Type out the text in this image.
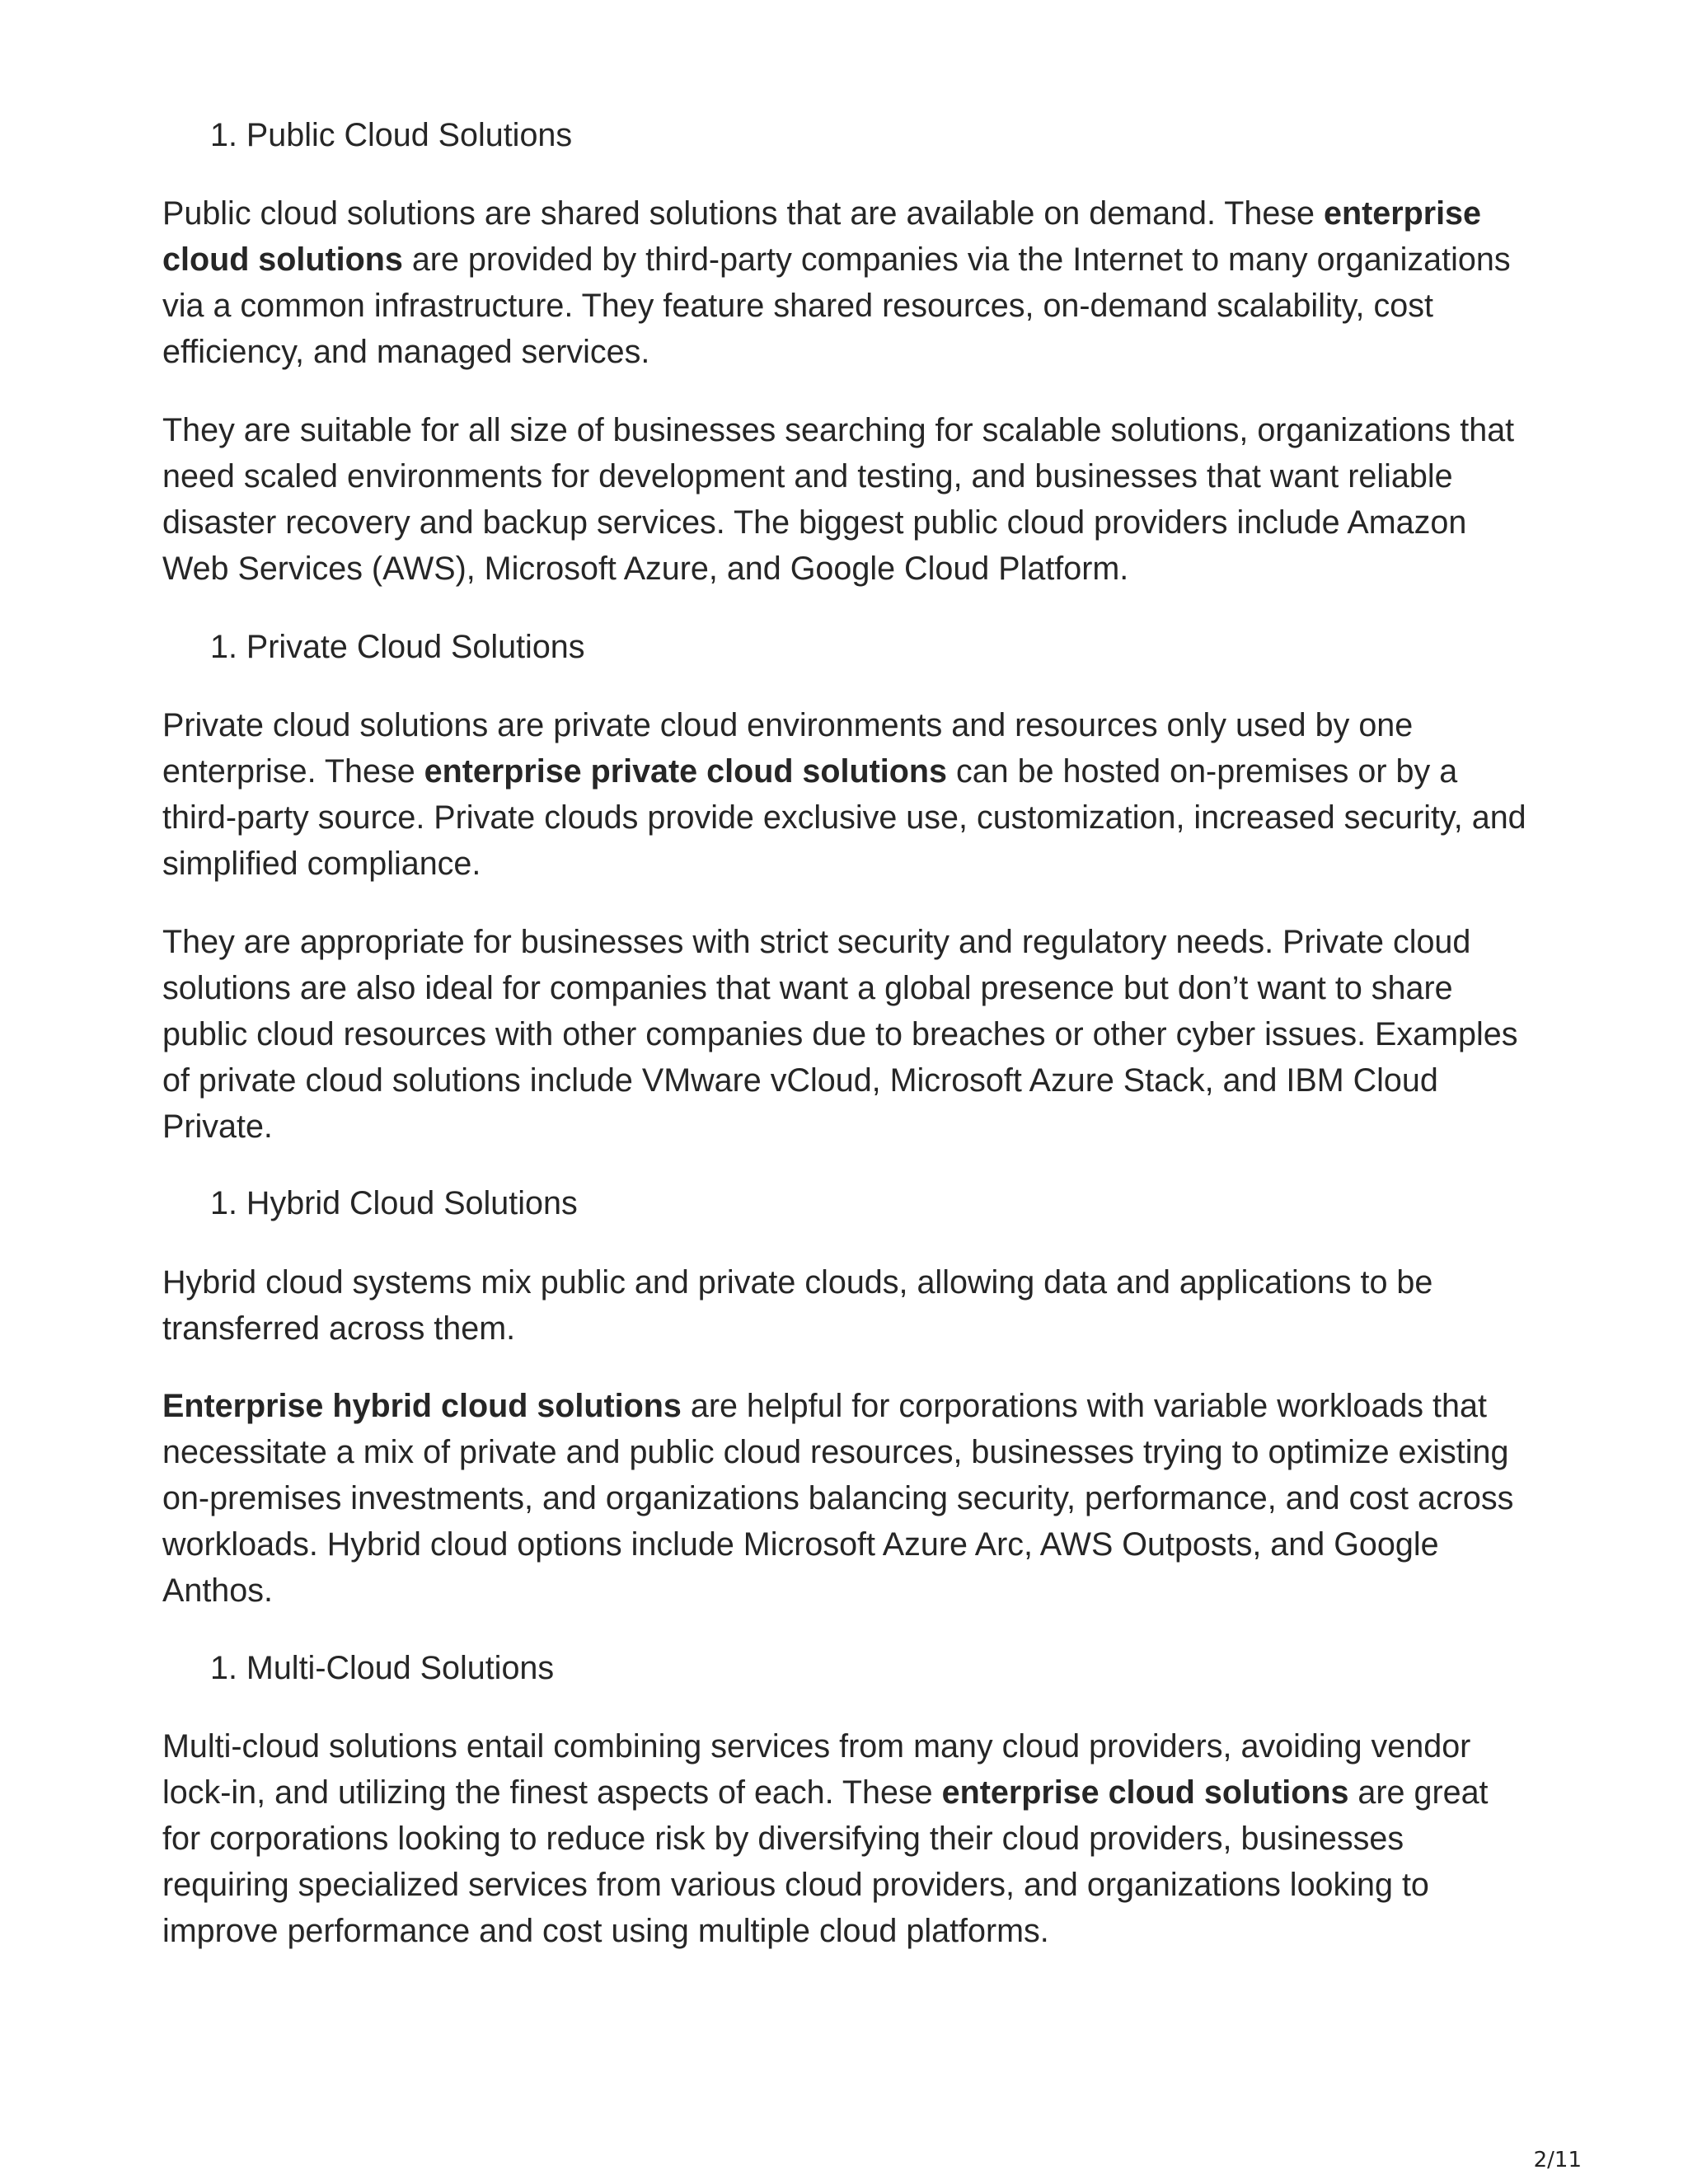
1. Public Cloud Solutions

Public cloud solutions are shared solutions that are available on demand. These enterprise cloud solutions are provided by third-party companies via the Internet to many organizations via a common infrastructure. They feature shared resources, on-demand scalability, cost efficiency, and managed services.

They are suitable for all size of businesses searching for scalable solutions, organizations that need scaled environments for development and testing, and businesses that want reliable disaster recovery and backup services. The biggest public cloud providers include Amazon Web Services (AWS), Microsoft Azure, and Google Cloud Platform.

1. Private Cloud Solutions

Private cloud solutions are private cloud environments and resources only used by one enterprise. These enterprise private cloud solutions can be hosted on-premises or by a third-party source. Private clouds provide exclusive use, customization, increased security, and simplified compliance.

They are appropriate for businesses with strict security and regulatory needs. Private cloud solutions are also ideal for companies that want a global presence but don’t want to share public cloud resources with other companies due to breaches or other cyber issues. Examples of private cloud solutions include VMware vCloud, Microsoft Azure Stack, and IBM Cloud Private.

1. Hybrid Cloud Solutions

Hybrid cloud systems mix public and private clouds, allowing data and applications to be transferred across them.

Enterprise hybrid cloud solutions are helpful for corporations with variable workloads that necessitate a mix of private and public cloud resources, businesses trying to optimize existing on-premises investments, and organizations balancing security, performance, and cost across workloads. Hybrid cloud options include Microsoft Azure Arc, AWS Outposts, and Google Anthos.

1. Multi-Cloud Solutions

Multi-cloud solutions entail combining services from many cloud providers, avoiding vendor lock-in, and utilizing the finest aspects of each. These enterprise cloud solutions are great for corporations looking to reduce risk by diversifying their cloud providers, businesses requiring specialized services from various cloud providers, and organizations looking to improve performance and cost using multiple cloud platforms.

2/11
